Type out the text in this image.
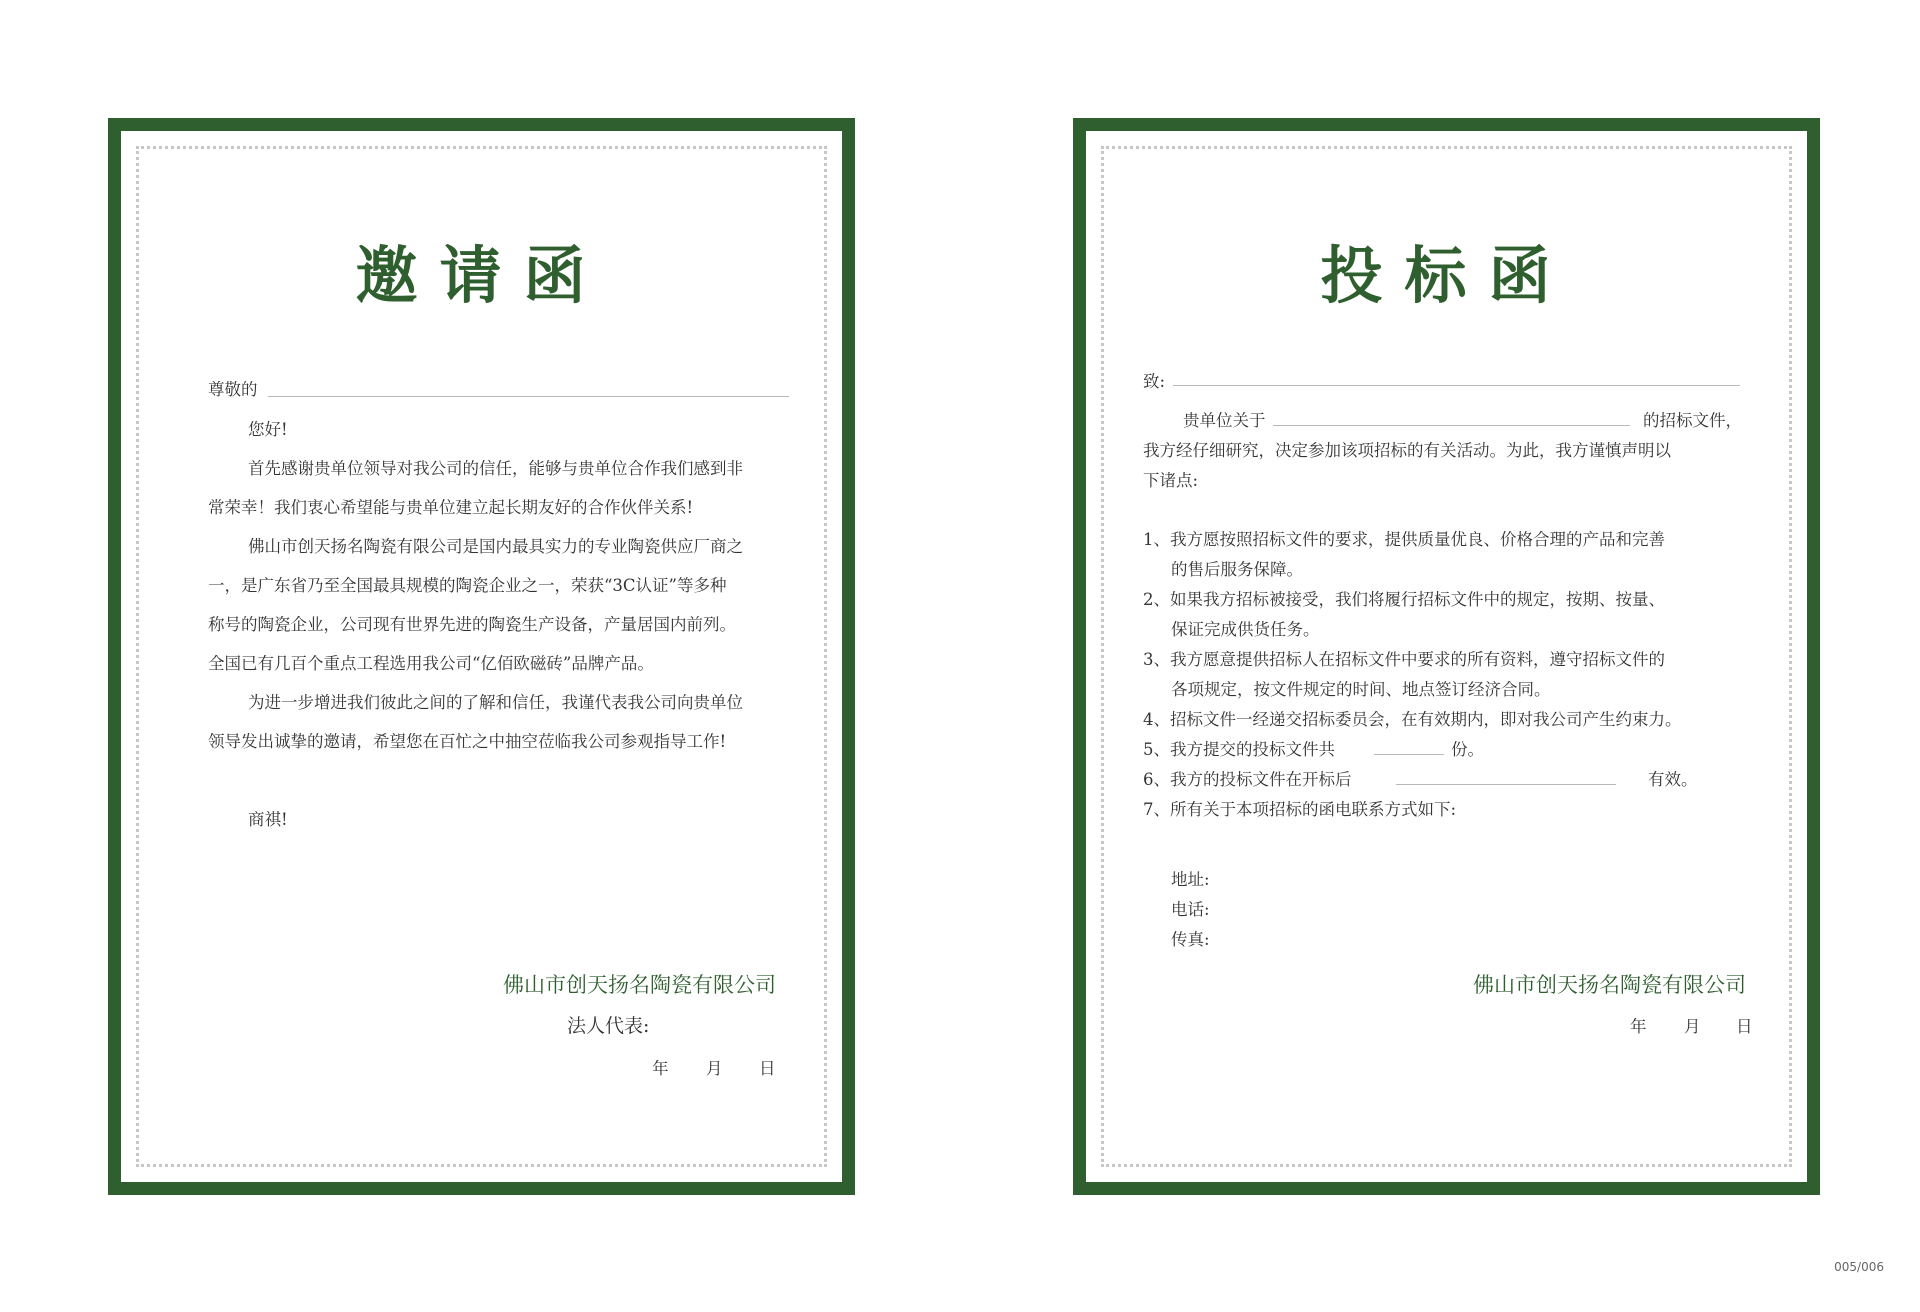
邀请函
尊敬的
您好!
首先感谢贵单位领导对我公司的信任，能够与贵单位合作我们感到非
常荣幸！我们衷心希望能与贵单位建立起长期友好的合作伙伴关系!
佛山市创天扬名陶瓷有限公司是国内最具实力的专业陶瓷供应厂商之
一，是广东省乃至全国最具规模的陶瓷企业之一，荣获“3C认证”等多种
称号的陶瓷企业，公司现有世界先进的陶瓷生产设备，产量居国内前列。
全国已有几百个重点工程选用我公司“亿佰欧磁砖”品牌产品。
为进一步增进我们彼此之间的了解和信任，我谨代表我公司向贵单位
领导发出诚挚的邀请，希望您在百忙之中抽空莅临我公司参观指导工作!
商祺!
佛山市创天扬名陶瓷有限公司
法人代表:
年 月 日
投标函
致:
贵单位关于	的招标文件，
我方经仔细研究，决定参加该项招标的有关活动。为此，我方谨慎声明以
下诸点:
1、我方愿按照招标文件的要求，提供质量优良、价格合理的产品和完善
的售后服务保障。
2、如果我方招标被接受，我们将履行招标文件中的规定，按期、按量、
保证完成供货任务。
3、我方愿意提供招标人在招标文件中要求的所有资料，遵守招标文件的
各项规定，按文件规定的时间、地点签订经济合同。
4、招标文件一经递交招标委员会，在有效期内，即对我公司产生约束力。
5、我方提交的投标文件共	份。
6、我方的投标文件在开标后	有效。
7、所有关于本项招标的函电联系方式如下:
地址:
电话:
传真:
佛山市创天扬名陶瓷有限公司
年 月 日
005/006
